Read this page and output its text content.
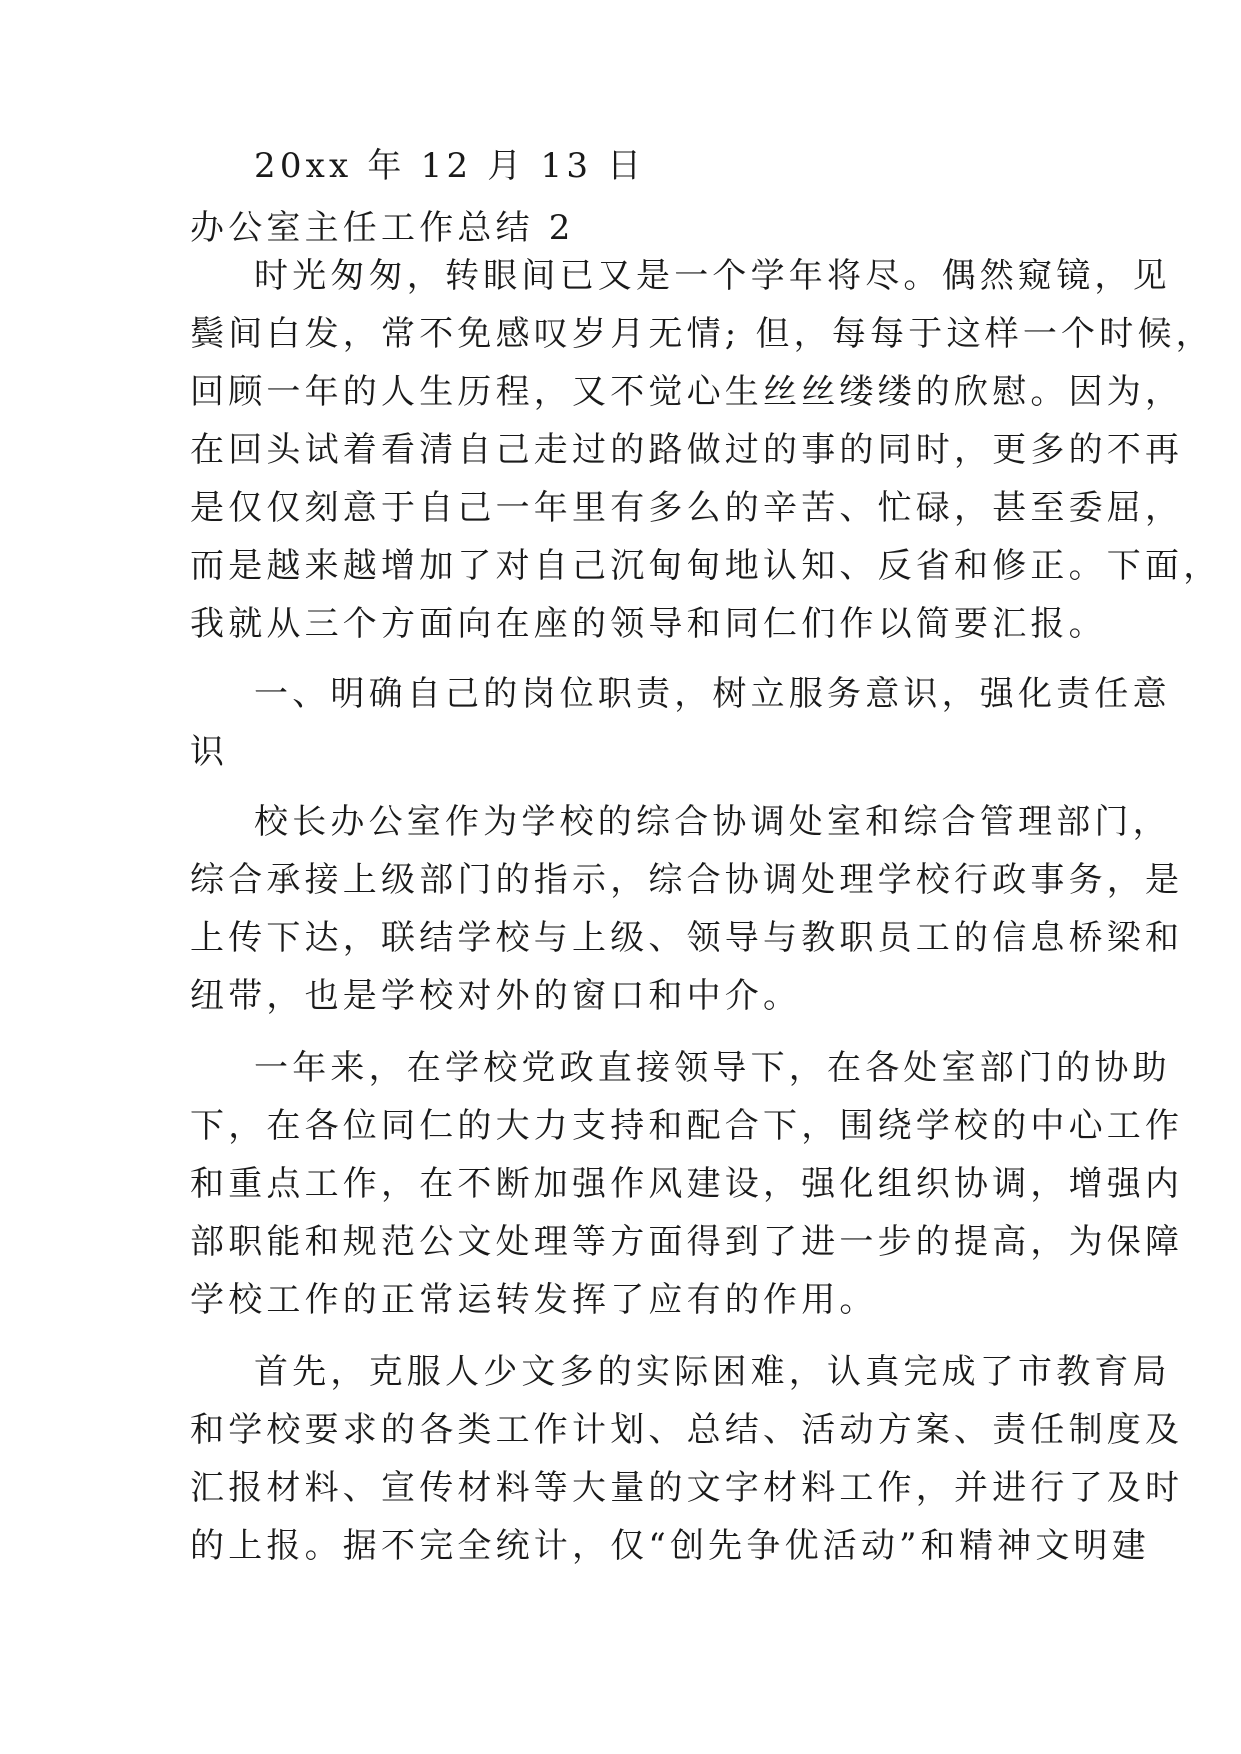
20xx 年 12 月 13 日
办公室主任工作总结 2
时光匆匆，转眼间已又是一个学年将尽。偶然窥镜，见
鬓间白发，常不免感叹岁月无情; 但，每每于这样一个时候，
回顾一年的人生历程，又不觉心生丝丝缕缕的欣慰。因为，
在回头试着看清自己走过的路做过的事的同时，更多的不再
是仅仅刻意于自己一年里有多么的辛苦、忙碌，甚至委屈，
而是越来越增加了对自己沉甸甸地认知、反省和修正。下面，
我就从三个方面向在座的领导和同仁们作以简要汇报。
一、明确自己的岗位职责，树立服务意识，强化责任意
识
校长办公室作为学校的综合协调处室和综合管理部门，
综合承接上级部门的指示，综合协调处理学校行政事务，是
上传下达，联结学校与上级、领导与教职员工的信息桥梁和
纽带，也是学校对外的窗口和中介。
一年来，在学校党政直接领导下，在各处室部门的协助
下，在各位同仁的大力支持和配合下，围绕学校的中心工作
和重点工作，在不断加强作风建设，强化组织协调，增强内
部职能和规范公文处理等方面得到了进一步的提高，为保障
学校工作的正常运转发挥了应有的作用。
首先，克服人少文多的实际困难，认真完成了市教育局
和学校要求的各类工作计划、总结、活动方案、责任制度及
汇报材料、宣传材料等大量的文字材料工作，并进行了及时
的上报。据不完全统计，仅“创先争优活动”和精神文明建
